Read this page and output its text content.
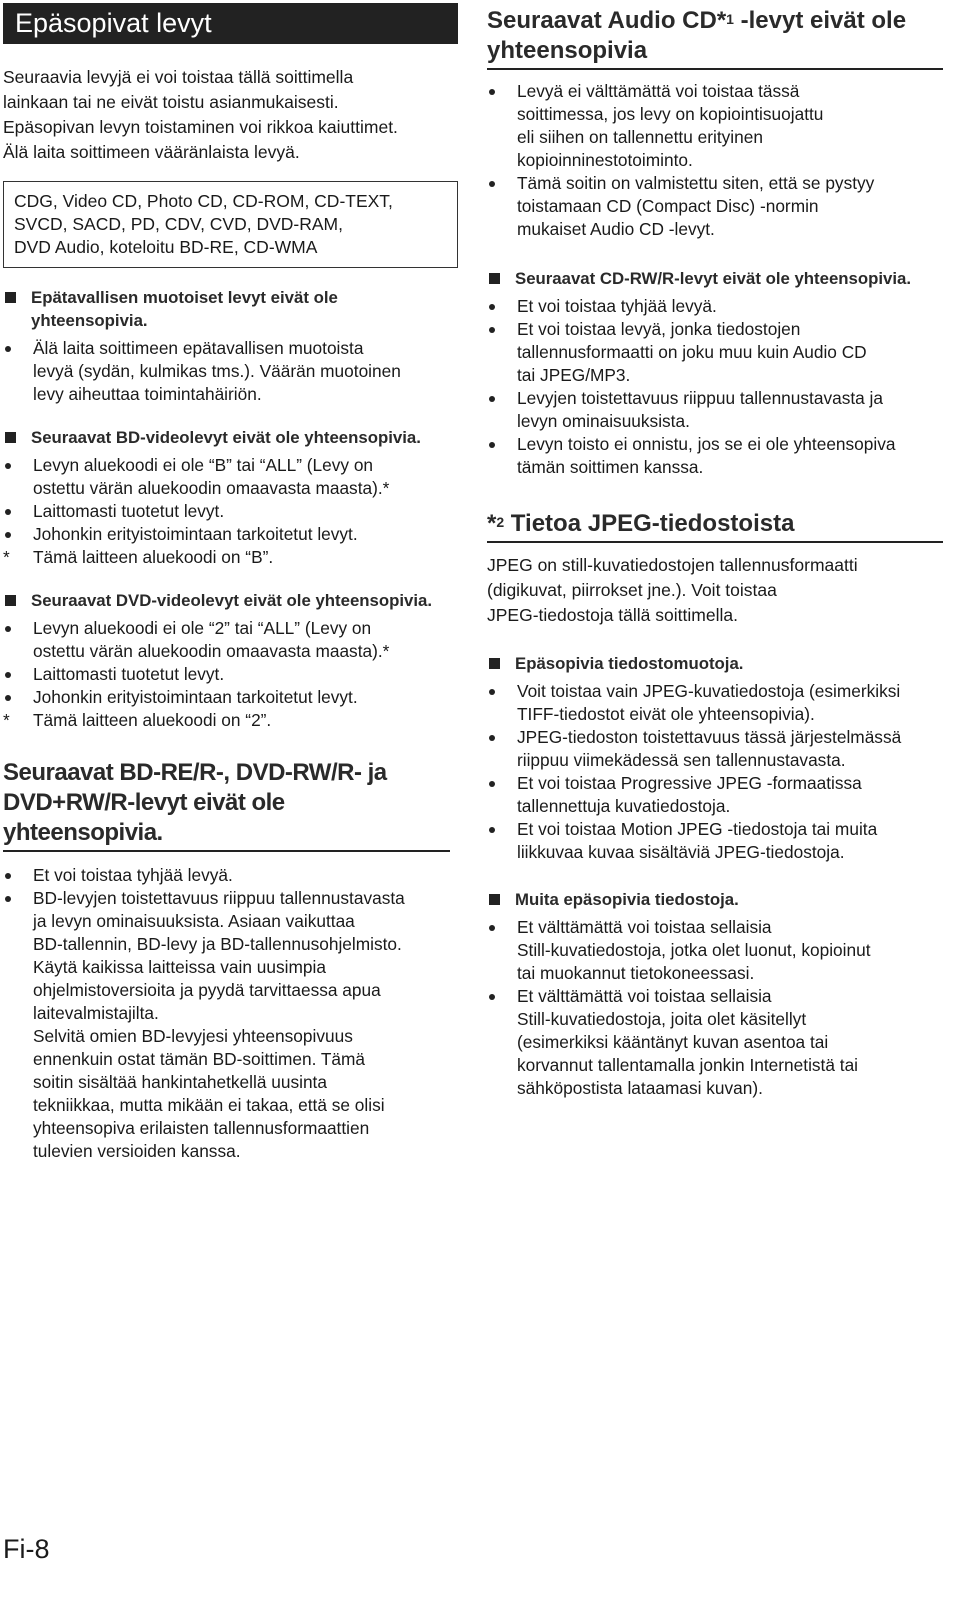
Epäsopivat levyt
Seuraavia levyjä ei voi toistaa tällä soittimella
lainkaan tai ne eivät toistu asianmukaisesti.
Epäsopivan levyn toistaminen voi rikkoa kaiuttimet.
Älä laita soittimeen vääränlaista levyä.
CDG, Video CD, Photo CD, CD-ROM, CD-TEXT,
SVCD, SACD, PD, CDV, CVD, DVD-RAM,
DVD Audio, koteloitu BD-RE, CD-WMA
Epätavallisen muotoiset levyt eivät ole
yhteensopivia.
Älä laita soittimeen epätavallisen muotoista
levyä (sydän, kulmikas tms.). Väärän muotoinen
levy aiheuttaa toimintahäiriön.
Seuraavat BD-videolevyt eivät ole yhteensopivia.
Levyn aluekoodi ei ole “B” tai “ALL” (Levy on
ostettu värän aluekoodin omaavasta maasta).*
Laittomasti tuotetut levyt.
Johonkin erityistoimintaan tarkoitetut levyt.
*	Tämä laitteen aluekoodi on “B”.
Seuraavat DVD-videolevyt eivät ole yhteensopivia.
Levyn aluekoodi ei ole “2” tai “ALL” (Levy on
ostettu värän aluekoodin omaavasta maasta).*
Laittomasti tuotetut levyt.
Johonkin erityistoimintaan tarkoitetut levyt.
*	Tämä laitteen aluekoodi on “2”.
Seuraavat BD-RE/R-, DVD-RW/R- ja
DVD+RW/R-levyt eivät ole yhteensopivia.
Et voi toistaa tyhjää levyä.
BD-levyjen toistettavuus riippuu tallennustavasta
ja levyn ominaisuuksista. Asiaan vaikuttaa
BD-tallennin, BD-levy ja BD-tallennusohjelmisto.
Käytä kaikissa laitteissa vain uusimpia
ohjelmistoversioita ja pyydä tarvittaessa apua
laitevalmistajilta.
Selvitä omien BD-levyjesi yhteensopivuus
ennenkuin ostat tämän BD-soittimen. Tämä
soitin sisältää hankintahetkellä uusinta
tekniikkaa, mutta mikään ei takaa, että se olisi
yhteensopiva erilaisten tallennusformaattien
tulevien versioiden kanssa.
Seuraavat Audio CD*$^1$ -levyt eivät ole
yhteensopivia
Levyä ei välttämättä voi toistaa tässä
soittimessa, jos levy on kopiointisuojattu
eli siihen on tallennettu erityinen
kopioinninestotoiminto.
Tämä soitin on valmistettu siten, että se pystyy
toistamaan CD (Compact Disc) -normin
mukaiset Audio CD -levyt.
Seuraavat CD-RW/R-levyt eivät ole yhteensopivia.
Et voi toistaa tyhjää levyä.
Et voi toistaa levyä, jonka tiedostojen
tallennusformaatti on joku muu kuin Audio CD
tai JPEG/MP3.
Levyjen toistettavuus riippuu tallennustavasta ja
levyn ominaisuuksista.
Levyn toisto ei onnistu, jos se ei ole yhteensopiva
tämän soittimen kanssa.
*$^2$ Tietoa JPEG-tiedostoista
JPEG on still-kuvatiedostojen tallennusformaatti
(digikuvat, piirrokset jne.). Voit toistaa
JPEG-tiedostoja tällä soittimella.
Epäsopivia tiedostomuotoja.
Voit toistaa vain JPEG-kuvatiedostoja (esimerkiksi
TIFF-tiedostot eivät ole yhteensopivia).
JPEG-tiedoston toistettavuus tässä järjestelmässä
riippuu viimekädessä sen tallennustavasta.
Et voi toistaa Progressive JPEG -formaatissa
tallennettuja kuvatiedostoja.
Et voi toistaa Motion JPEG -tiedostoja tai muita
liikkuvaa kuvaa sisältäviä JPEG-tiedostoja.
Muita epäsopivia tiedostoja.
Et välttämättä voi toistaa sellaisia
Still-kuvatiedostoja, jotka olet luonut, kopioinut
tai muokannut tietokoneessasi.
Et välttämättä voi toistaa sellaisia
Still-kuvatiedostoja, joita olet käsitellyt
(esimerkiksi kääntänyt kuvan asentoa tai
korvannut tallentamalla jonkin Internetistä tai
sähköpostista lataamasi kuvan).
Fi-8
